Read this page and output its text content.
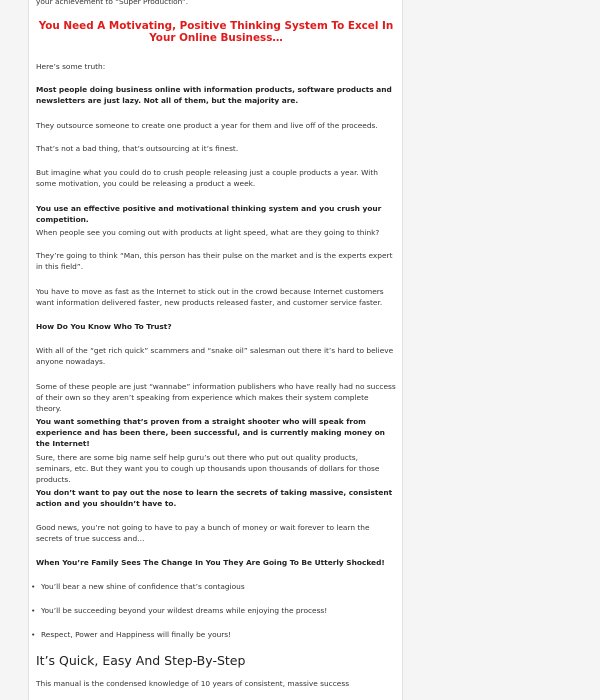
your achievement to “Super Production”.

You Need A Motivating, Positive Thinking System To Excel In Your Online Business…

Here’s some truth:

Most people doing business online with information products, software products and newsletters are just lazy. Not all of them, but the majority are.

They outsource someone to create one product a year for them and live off of the proceeds.

That’s not a bad thing, that’s outsourcing at it’s finest.

But imagine what you could do to crush people releasing just a couple products a year. With some motivation, you could be releasing a product a week.

You use an effective positive and motivational thinking system and you crush your competition.

When people see you coming out with products at light speed, what are they going to think?

They’re going to think “Man, this person has their pulse on the market and is the experts expert in this field”.

You have to move as fast as the Internet to stick out in the crowd because Internet customers want information delivered faster, new products released faster, and customer service faster.

How Do You Know Who To Trust?

With all of the “get rich quick” scammers and “snake oil” salesman out there it’s hard to believe anyone nowadays.

Some of these people are just “wannabe” information publishers who have really had no success of their own so they aren’t speaking from experience which makes their system complete theory.

You want something that’s proven from a straight shooter who will speak from experience and has been there, been successful, and is currently making money on the Internet!

Sure, there are some big name self help guru’s out there who put out quality products, seminars, etc. But they want you to cough up thousands upon thousands of dollars for those products.

You don’t want to pay out the nose to learn the secrets of taking massive, consistent action and you shouldn’t have to.

Good news, you’re not going to have to pay a bunch of money or wait forever to learn the secrets of true success and…

When You’re Family Sees The Change In You They Are Going To Be Utterly Shocked!

• You’ll bear a new shine of confidence that’s contagious
• You’ll be succeeding beyond your wildest dreams while enjoying the process!
• Respect, Power and Happiness will finally be yours!
It’s Quick, Easy And Step-By-Step

This manual is the condensed knowledge of 10 years of consistent, massive success
